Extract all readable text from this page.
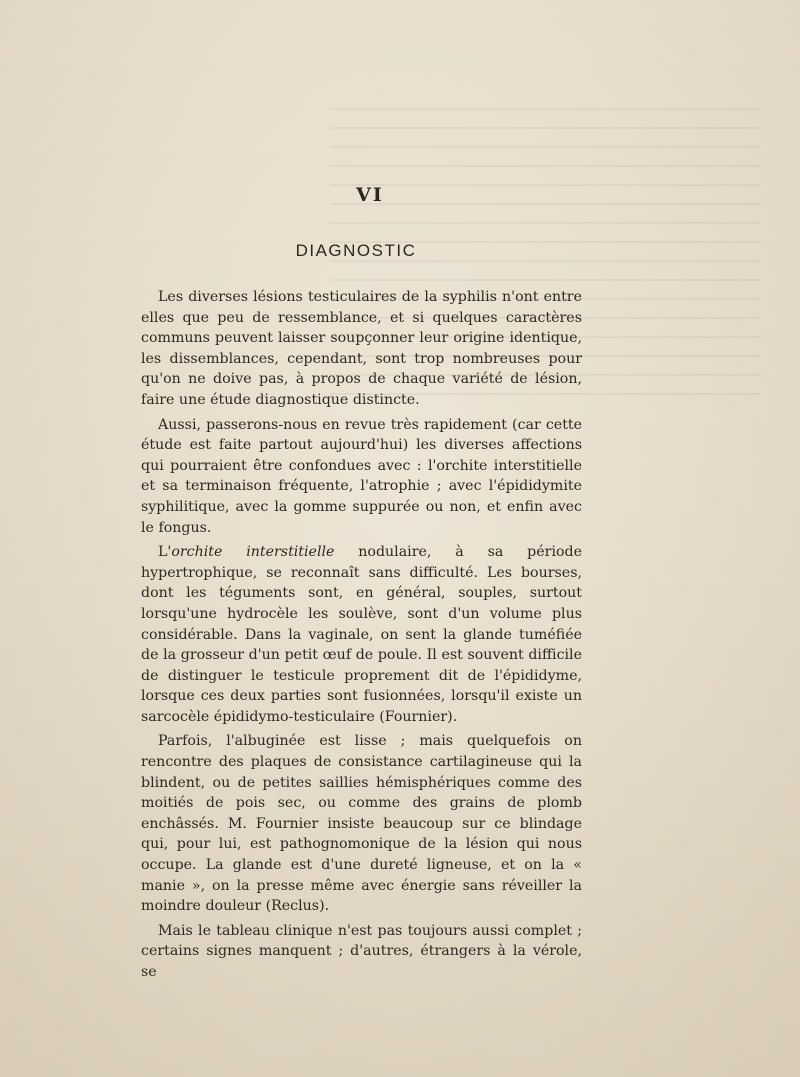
VI
DIAGNOSTIC

Les diverses lésions testiculaires de la syphilis n'ont entre elles que peu de ressemblance, et si quelques caractères communs peuvent laisser soupçonner leur origine identique, les dissemblances, cependant, sont trop nombreuses pour qu'on ne doive pas, à propos de chaque variété de lésion, faire une étude diagnostique distincte.

Aussi, passerons-nous en revue très rapidement (car cette étude est faite partout aujourd'hui) les diverses affections qui pourraient être confondues avec : l'orchite interstitielle et sa terminaison fréquente, l'atrophie ; avec l'épididymite syphilitique, avec la gomme suppurée ou non, et enfin avec le fongus.

L'orchite interstitielle nodulaire, à sa période hypertrophique, se reconnaît sans difficulté. Les bourses, dont les téguments sont, en général, souples, surtout lorsqu'une hydrocèle les soulève, sont d'un volume plus considérable. Dans la vaginale, on sent la glande tuméfiée de la grosseur d'un petit œuf de poule. Il est souvent difficile de distinguer le testicule proprement dit de l'épididyme, lorsque ces deux parties sont fusionnées, lorsqu'il existe un sarcocèle épididymo-testiculaire (Fournier).

Parfois, l'albuginée est lisse ; mais quelquefois on rencontre des plaques de consistance cartilagineuse qui la blindent, ou de petites saillies hémisphériques comme des moitiés de pois sec, ou comme des grains de plomb enchâssés. M. Fournier insiste beaucoup sur ce blindage qui, pour lui, est pathognomonique de la lésion qui nous occupe. La glande est d'une dureté ligneuse, et on la « manie », on la presse même avec énergie sans réveiller la moindre douleur (Reclus).

Mais le tableau clinique n'est pas toujours aussi complet ; certains signes manquent ; d'autres, étrangers à la vérole, se
